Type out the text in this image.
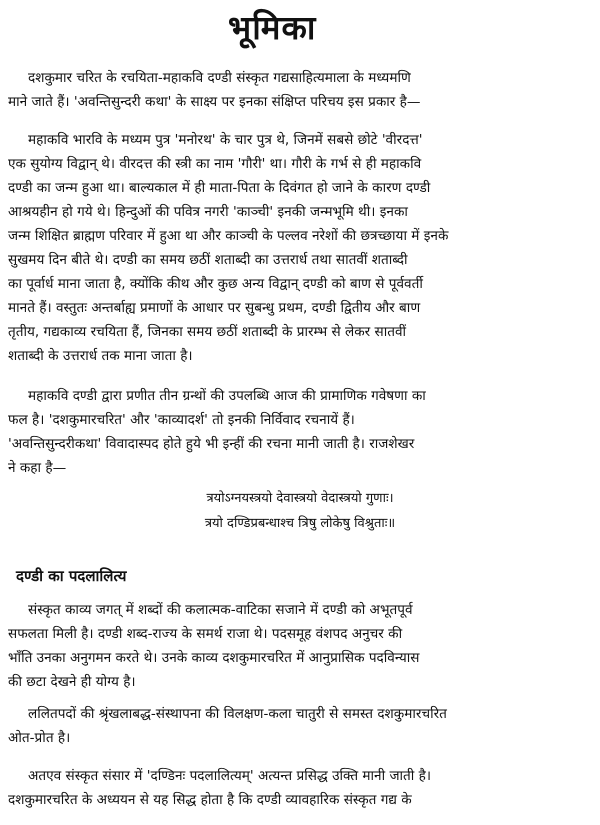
भूमिका
दशकुमार चरित के रचयिता-महाकवि दण्डी संस्कृत गद्यसाहित्यमाला के मध्यमणि
माने जाते हैं। 'अवन्तिसुन्दरी कथा' के साक्ष्य पर इनका संक्षिप्त परिचय इस प्रकार है—
महाकवि भारवि के मध्यम पुत्र 'मनोरथ' के चार पुत्र थे, जिनमें सबसे छोटे 'वीरदत्त'
एक सुयोग्य विद्वान् थे। वीरदत्त की स्त्री का नाम 'गौरी' था। गौरी के गर्भ से ही महाकवि
दण्डी का जन्म हुआ था। बाल्यकाल में ही माता-पिता के दिवंगत हो जाने के कारण दण्डी
आश्रयहीन हो गये थे। हिन्दुओं की पवित्र नगरी 'काञ्ची' इनकी जन्मभूमि थी। इनका
जन्म शिक्षित ब्राह्मण परिवार में हुआ था और काञ्ची के पल्लव नरेशों की छत्रच्छाया में इनके
सुखमय दिन बीते थे। दण्डी का समय छठीं शताब्दी का उत्तरार्ध तथा सातवीं शताब्दी
का पूर्वार्ध माना जाता है, क्योंकि कीथ और कुछ अन्य विद्वान् दण्डी को बाण से पूर्ववर्ती
मानते हैं। वस्तुतः अन्तर्बाह्य प्रमाणों के आधार पर सुबन्धु प्रथम, दण्डी द्वितीय और बाण
तृतीय, गद्यकाव्य रचयिता हैं, जिनका समय छठीं शताब्दी के प्रारम्भ से लेकर सातवीं
शताब्दी के उत्तरार्ध तक माना जाता है।
महाकवि दण्डी द्वारा प्रणीत तीन ग्रन्थों की उपलब्धि आज की प्रामाणिक गवेषणा का
फल है। 'दशकुमारचरित' और 'काव्यादर्श' तो इनकी निर्विवाद रचनायें हैं।
'अवन्तिसुन्दरीकथा' विवादास्पद होते हुये भी इन्हीं की रचना मानी जाती है। राजशेखर
ने कहा है—
त्रयोऽग्नयस्त्रयो देवास्त्रयो वेदास्त्रयो गुणाः।
त्रयो दण्डिप्रबन्धाश्च त्रिषु लोकेषु विश्रुताः॥
दण्डी का पदलालित्य
संस्कृत काव्य जगत् में शब्दों की कलात्मक-वाटिका सजाने में दण्डी को अभूतपूर्व
सफलता मिली है। दण्डी शब्द-राज्य के समर्थ राजा थे। पदसमूह वंशपद अनुचर की
भाँति उनका अनुगमन करते थे। उनके काव्य दशकुमारचरित में आनुप्रासिक पदविन्यास
की छटा देखने ही योग्य है।
ललितपदों की श्रृंखलाबद्ध-संस्थापना की विलक्षण-कला चातुरी से समस्त दशकुमारचरित
ओत-प्रोत है।
अतएव संस्कृत संसार में 'दण्डिनः पदलालित्यम्' अत्यन्त प्रसिद्ध उक्ति मानी जाती है।
दशकुमारचरित के अध्ययन से यह सिद्ध होता है कि दण्डी व्यावहारिक संस्कृत गद्य के
